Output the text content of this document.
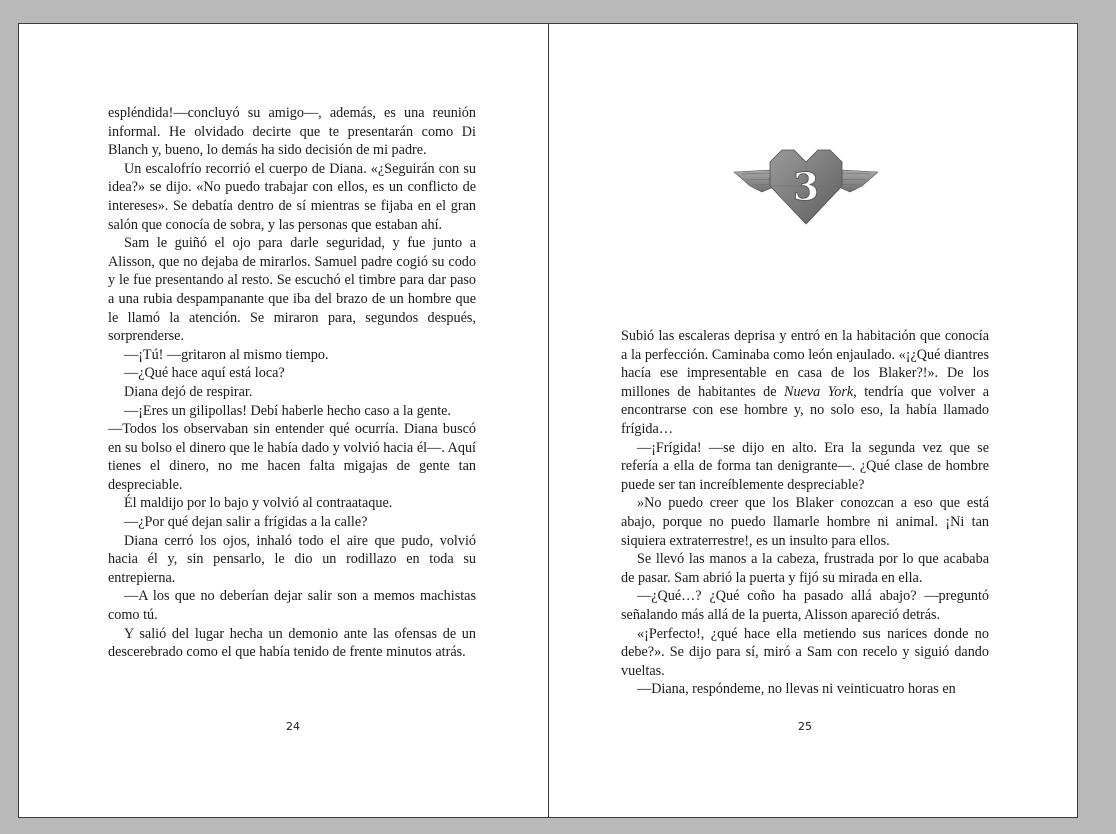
espléndida!—concluyó su amigo—, además, es una reunión informal. He olvidado decirte que te presentarán como Di Blanch y, bueno, lo demás ha sido decisión de mi padre.

Un escalofrío recorrió el cuerpo de Diana. «¿Seguirán con su idea?» se dijo. «No puedo trabajar con ellos, es un conflicto de intereses». Se debatía dentro de sí mientras se fijaba en el gran salón que conocía de sobra, y las personas que estaban ahí.

Sam le guiñó el ojo para darle seguridad, y fue junto a Alisson, que no dejaba de mirarlos. Samuel padre cogió su codo y le fue presentando al resto. Se escuchó el timbre para dar paso a una rubia despampanante que iba del brazo de un hombre que le llamó la atención. Se miraron para, segundos después, sorprenderse.

—¡Tú! —gritaron al mismo tiempo.

—¿Qué hace aquí está loca?

Diana dejó de respirar.

—¡Eres un gilipollas! Debí haberle hecho caso a la gente.

—Todos los observaban sin entender qué ocurría. Diana buscó en su bolso el dinero que le había dado y volvió hacia él—. Aquí tienes el dinero, no me hacen falta migajas de gente tan despreciable.

Él maldijo por lo bajo y volvió al contraataque.

—¿Por qué dejan salir a frígidas a la calle?

Diana cerró los ojos, inhaló todo el aire que pudo, volvió hacia él y, sin pensarlo, le dio un rodillazo en toda su entrepierna.

—A los que no deberían dejar salir son a memos machistas como tú.

Y salió del lugar hecha un demonio ante las ofensas de un descerebrado como el que había tenido de frente minutos atrás.

24
3

Subió las escaleras deprisa y entró en la habitación que conocía a la perfección. Caminaba como león enjaulado. «¡¿Qué diantres hacía ese impresentable en casa de los Blaker?!». De los millones de habitantes de Nueva York, tendría que volver a encontrarse con ese hombre y, no solo eso, la había llamado frígida…

—¡Frígida! —se dijo en alto. Era la segunda vez que se refería a ella de forma tan denigrante—. ¿Qué clase de hombre puede ser tan increíblemente despreciable?

»No puedo creer que los Blaker conozcan a eso que está abajo, porque no puedo llamarle hombre ni animal. ¡Ni tan siquiera extraterrestre!, es un insulto para ellos.

Se llevó las manos a la cabeza, frustrada por lo que acababa de pasar. Sam abrió la puerta y fijó su mirada en ella.

—¿Qué…? ¿Qué coño ha pasado allá abajo? —preguntó señalando más allá de la puerta, Alisson apareció detrás.

«¡Perfecto!, ¿qué hace ella metiendo sus narices donde no debe?». Se dijo para sí, miró a Sam con recelo y siguió dando vueltas.

—Diana, respóndeme, no llevas ni veinticuatro horas en

25
